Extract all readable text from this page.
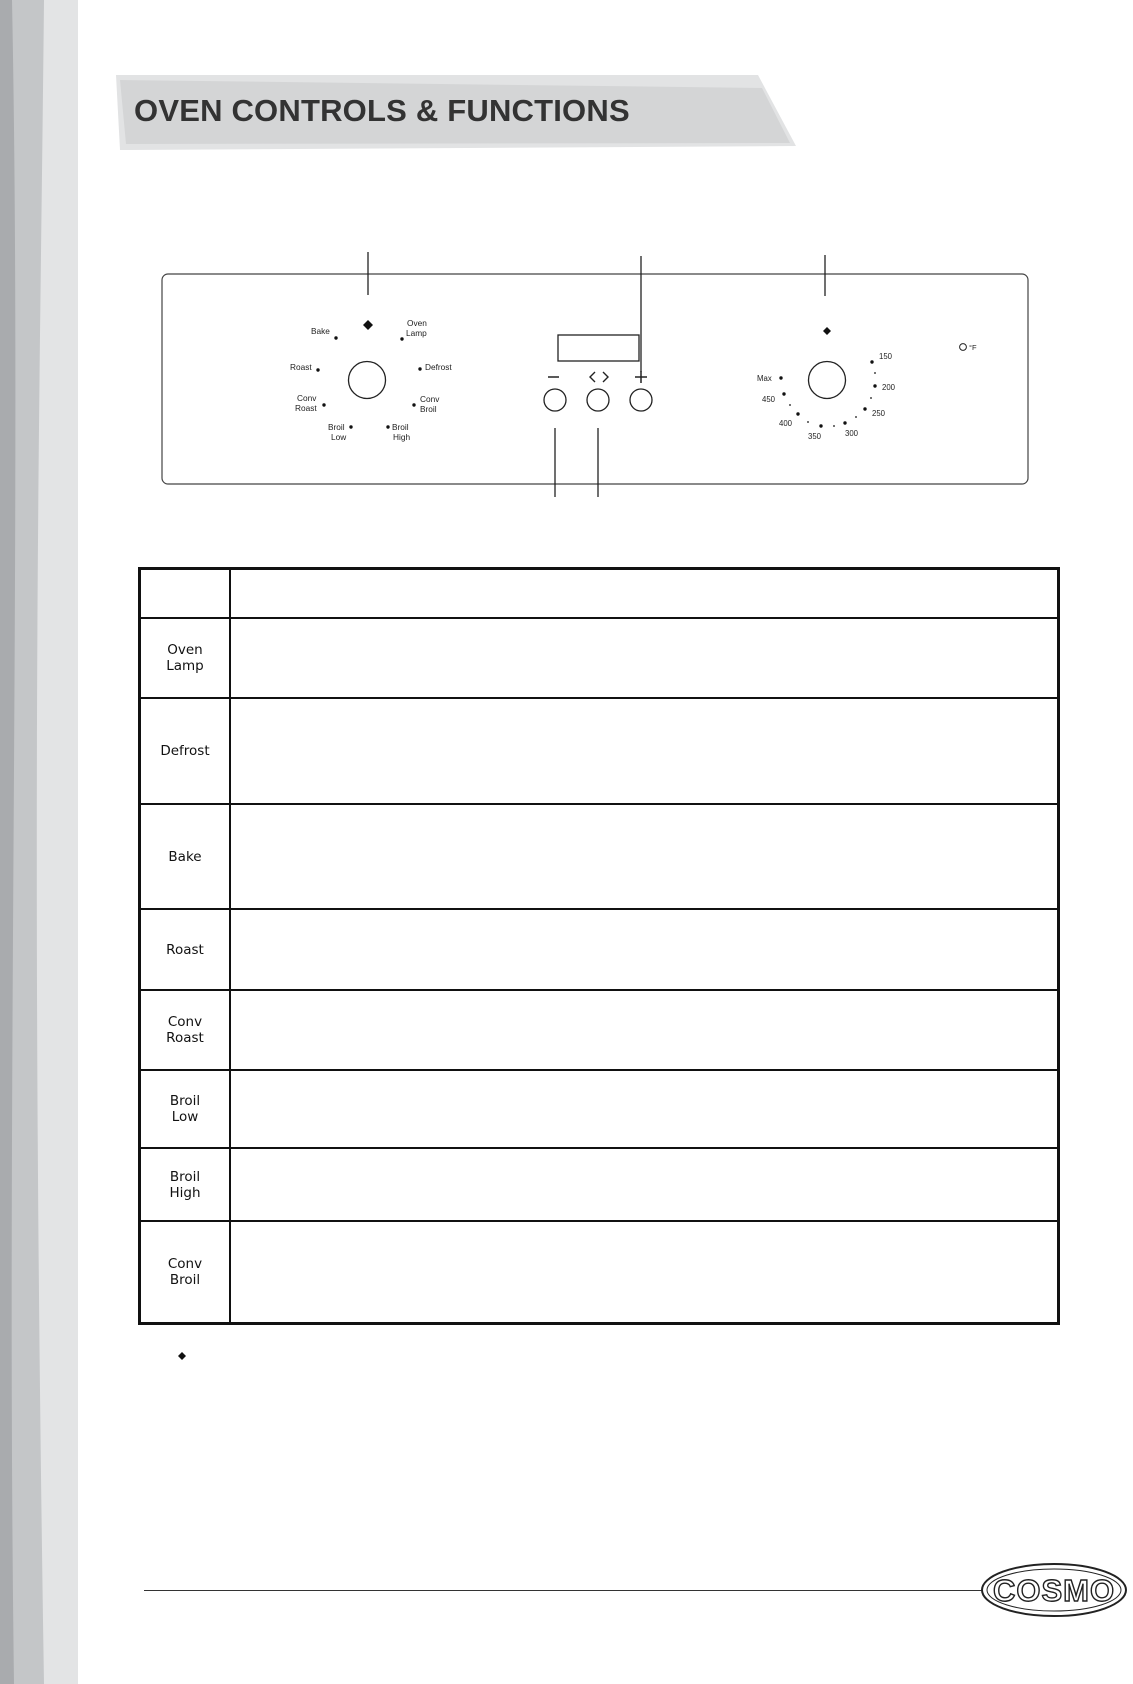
OVEN CONTROLS & FUNCTIONS
Bake
Oven
Lamp
Roast	Defrost
Conv
Roast
Conv
Broil
Broil
Low
Broil
High
150
200
250
300
350
400
450
Max
°F

Oven
Lamp	
Defrost	
Bake	
Roast	
Conv
Roast	
Broil
Low	
Broil
High	
Conv
Broil	
COSMO
